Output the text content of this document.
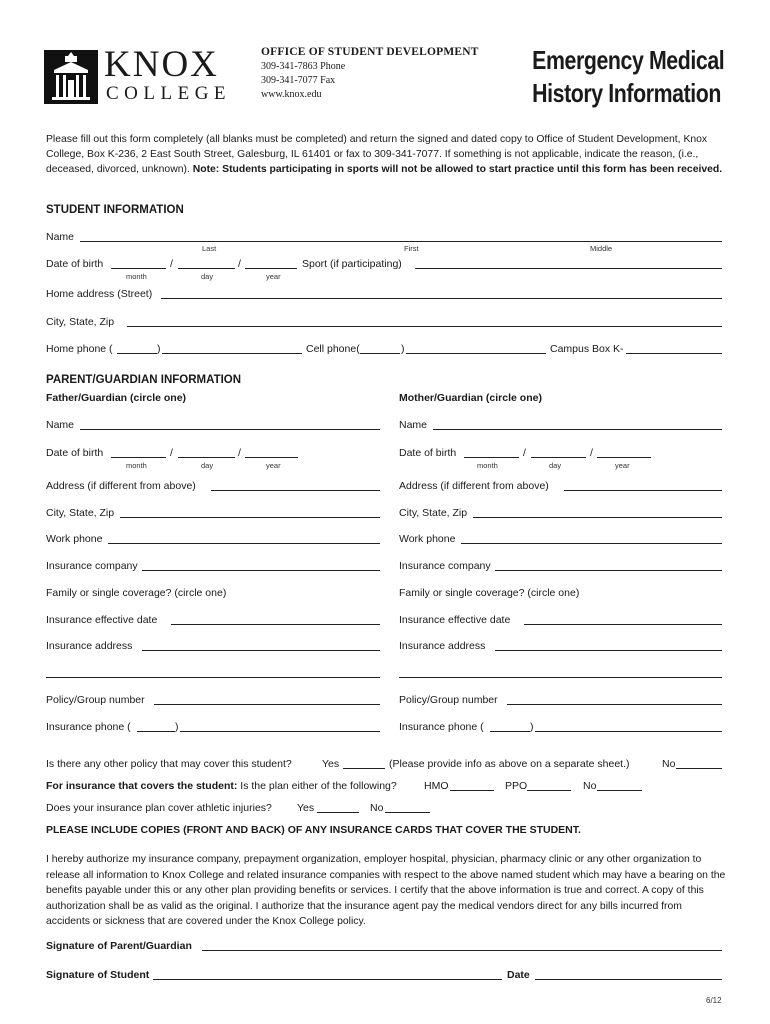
KNOX
COLLEGE
OFFICE OF STUDENT DEVELOPMENT
309-341-7863 Phone
309-341-7077 Fax
www.knox.edu
Emergency Medical
History Information
Please fill out this form completely (all blanks must be completed) and return the signed and dated copy to Office of Student Development, Knox College, Box K-236, 2 East South Street, Galesburg, IL 61401 or fax to 309-341-7077. If something is not applicable, indicate the reason, (i.e., deceased, divorced, unknown). Note: Students participating in sports will not be allowed to start practice until this form has been received.
STUDENT INFORMATION
Name
Last	First	Middle
Date of birth	/	/
month	day	year
Sport (if participating)
Home address (Street)
City, State, Zip
Home phone (	)	Cell phone(	)	Campus Box K-
PARENT/GUARDIAN INFORMATION
Father/Guardian (circle one)	Mother/Guardian (circle one)
Name
Date of birth	/	/
month	day	year
Address (if different from above)
City, State, Zip
Work phone
Insurance company
Family or single coverage? (circle one)
Insurance effective date
Insurance address
Policy/Group number
Insurance phone (	)
Name
Date of birth	/	/
month	day	year
Address (if different from above)
City, State, Zip
Work phone
Insurance company
Family or single coverage? (circle one)
Insurance effective date
Insurance address
Policy/Group number
Insurance phone (	)
Is there any other policy that may cover this student?	Yes	(Please provide info as above on a separate sheet.)	No
For insurance that covers the student: Is the plan either of the following?	HMO	PPO	No
Does your insurance plan cover athletic injuries? Yes	No
PLEASE INCLUDE COPIES (FRONT AND BACK) OF ANY INSURANCE CARDS THAT COVER THE STUDENT.
I hereby authorize my insurance company, prepayment organization, employer hospital, physician, pharmacy clinic or any other organization to release all information to Knox College and related insurance companies with respect to the above named student which may have a bearing on the benefits payable under this or any other plan providing benefits or services. I certify that the above information is true and correct. A copy of this authorization shall be as valid as the original. I authorize that the insurance agent pay the medical vendors direct for any bills incurred from accidents or sickness that are covered under the Knox College policy.
Signature of Parent/Guardian
Signature of Student	Date
6/12
